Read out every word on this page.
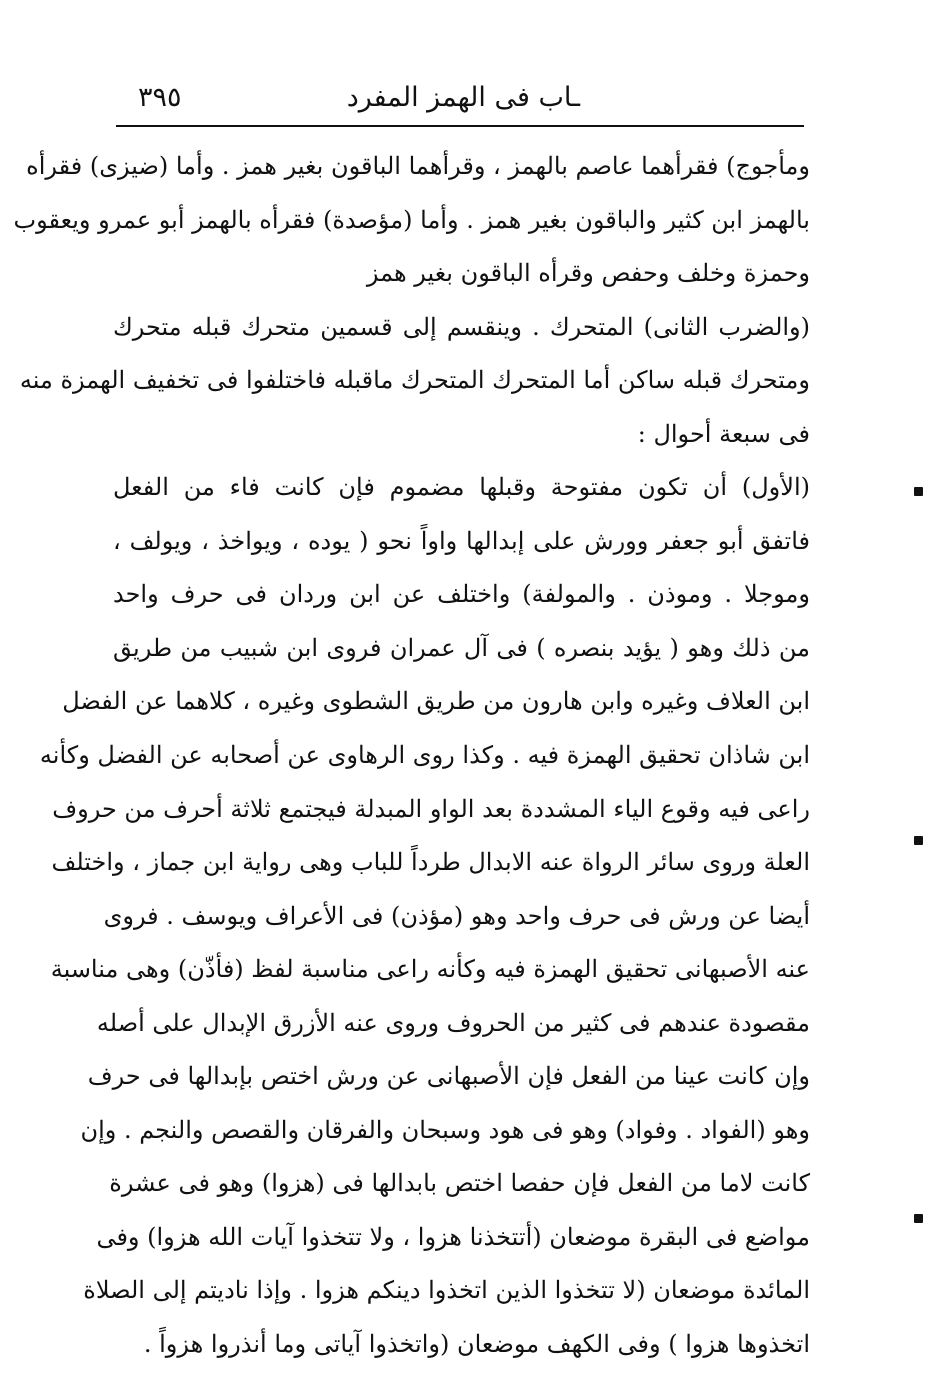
ـاب فى الهمز المفرد
٣٩٥
ومأجوج) فقرأهما عاصم بالهمز ، وقرأهما الباقون بغير همز . وأما (ضيزى) فقرأه
بالهمز ابن كثير والباقون بغير همز . وأما (مؤصدة) فقرأه بالهمز أبو عمرو ويعقوب
وحمزة وخلف وحفص وقرأه الباقون بغير همز
(والضرب الثانى) المتحرك . وينقسم إلى قسمين متحرك قبله متحرك
ومتحرك قبله ساكن أما المتحرك المتحرك ماقبله فاختلفوا فى تخفيف الهمزة منه
فى سبعة أحوال :
(الأول) أن تكون مفتوحة وقبلها مضموم فإن كانت فاء من الفعل
فاتفق أبو جعفر وورش على إبدالها واواً نحو ( يوده ، ويواخذ ، ويولف ،
وموجلا . وموذن . والمولفة) واختلف عن ابن وردان فى حرف واحد
من ذلك وهو ( يؤيد بنصره ) فى آل عمران فروى ابن شبيب من طريق
ابن العلاف وغيره وابن هارون من طريق الشطوى وغيره ، كلاهما عن الفضل
ابن شاذان تحقيق الهمزة فيه . وكذا روى الرهاوى عن أصحابه عن الفضل وكأنه
راعى فيه وقوع الياء المشددة بعد الواو المبدلة فيجتمع ثلاثة أحرف من حروف
العلة وروى سائر الرواة عنه الابدال طرداً للباب وهى رواية ابن جماز ، واختلف
أيضا عن ورش فى حرف واحد وهو (مؤذن) فى الأعراف ويوسف . فروى
عنه الأصبهانى تحقيق الهمزة فيه وكأنه راعى مناسبة لفظ (فأذّن) وهى مناسبة
مقصودة عندهم فى كثير من الحروف وروى عنه الأزرق الإبدال على أصله
وإن كانت عينا من الفعل فإن الأصبهانى عن ورش اختص بإبدالها فى حرف
وهو (الفواد . وفواد) وهو فى هود وسبحان والفرقان والقصص والنجم . وإن
كانت لاما من الفعل فإن حفصا اختص بابدالها فى (هزوا) وهو فى عشرة
مواضع فى البقرة موضعان (أتتخذنا هزوا ، ولا تتخذوا آيات الله هزوا) وفى
المائدة موضعان (لا تتخذوا الذين اتخذوا دينكم هزوا . وإذا ناديتم إلى الصلاة
اتخذوها هزوا ) وفى الكهف موضعان (واتخذوا آياتى وما أنذروا هزواً .
